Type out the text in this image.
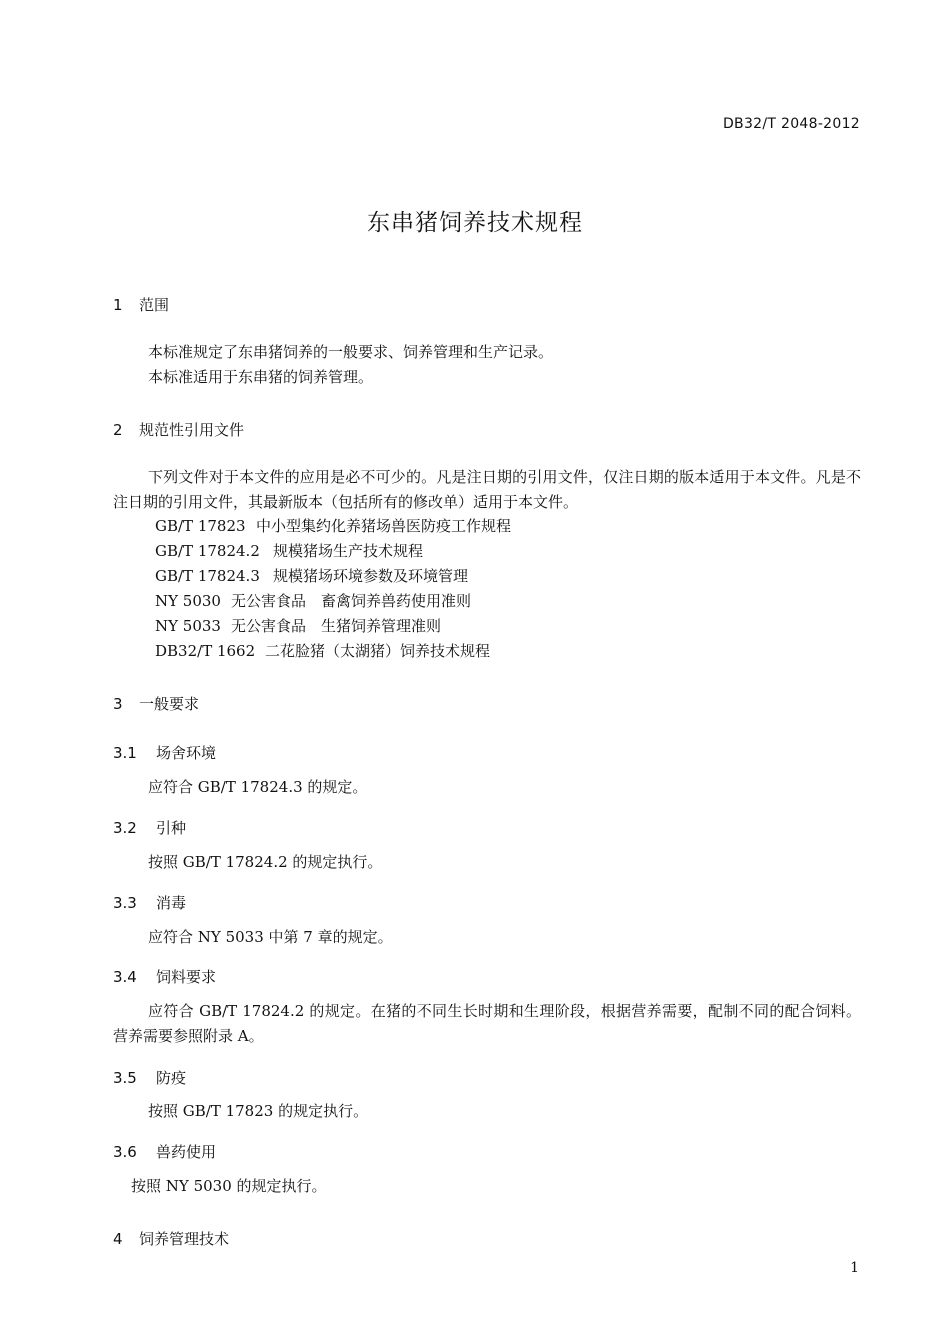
DB32/T 2048-2012
东串猪饲养技术规程
1 范围
本标准规定了东串猪饲养的一般要求、饲养管理和生产记录。
本标准适用于东串猪的饲养管理。
2 规范性引用文件
下列文件对于本文件的应用是必不可少的。凡是注日期的引用文件，仅注日期的版本适用于本文件。凡是不注日期的引用文件，其最新版本（包括所有的修改单）适用于本文件。
GB/T 17823 中小型集约化养猪场兽医防疫工作规程
GB/T 17824.2 规模猪场生产技术规程
GB/T 17824.3 规模猪场环境参数及环境管理
NY 5030 无公害食品　畜禽饲养兽药使用准则
NY 5033 无公害食品　生猪饲养管理准则
DB32/T 1662 二花脸猪（太湖猪）饲养技术规程
3 一般要求
3.1 场舍环境
应符合 GB/T 17824.3 的规定。
3.2 引种
按照 GB/T 17824.2 的规定执行。
3.3 消毒
应符合 NY 5033 中第 7 章的规定。
3.4 饲料要求
应符合 GB/T 17824.2 的规定。在猪的不同生长时期和生理阶段，根据营养需要，配制不同的配合饲料。营养需要参照附录 A。
3.5 防疫
按照 GB/T 17823 的规定执行。
3.6 兽药使用
按照 NY 5030 的规定执行。
4 饲养管理技术
1
